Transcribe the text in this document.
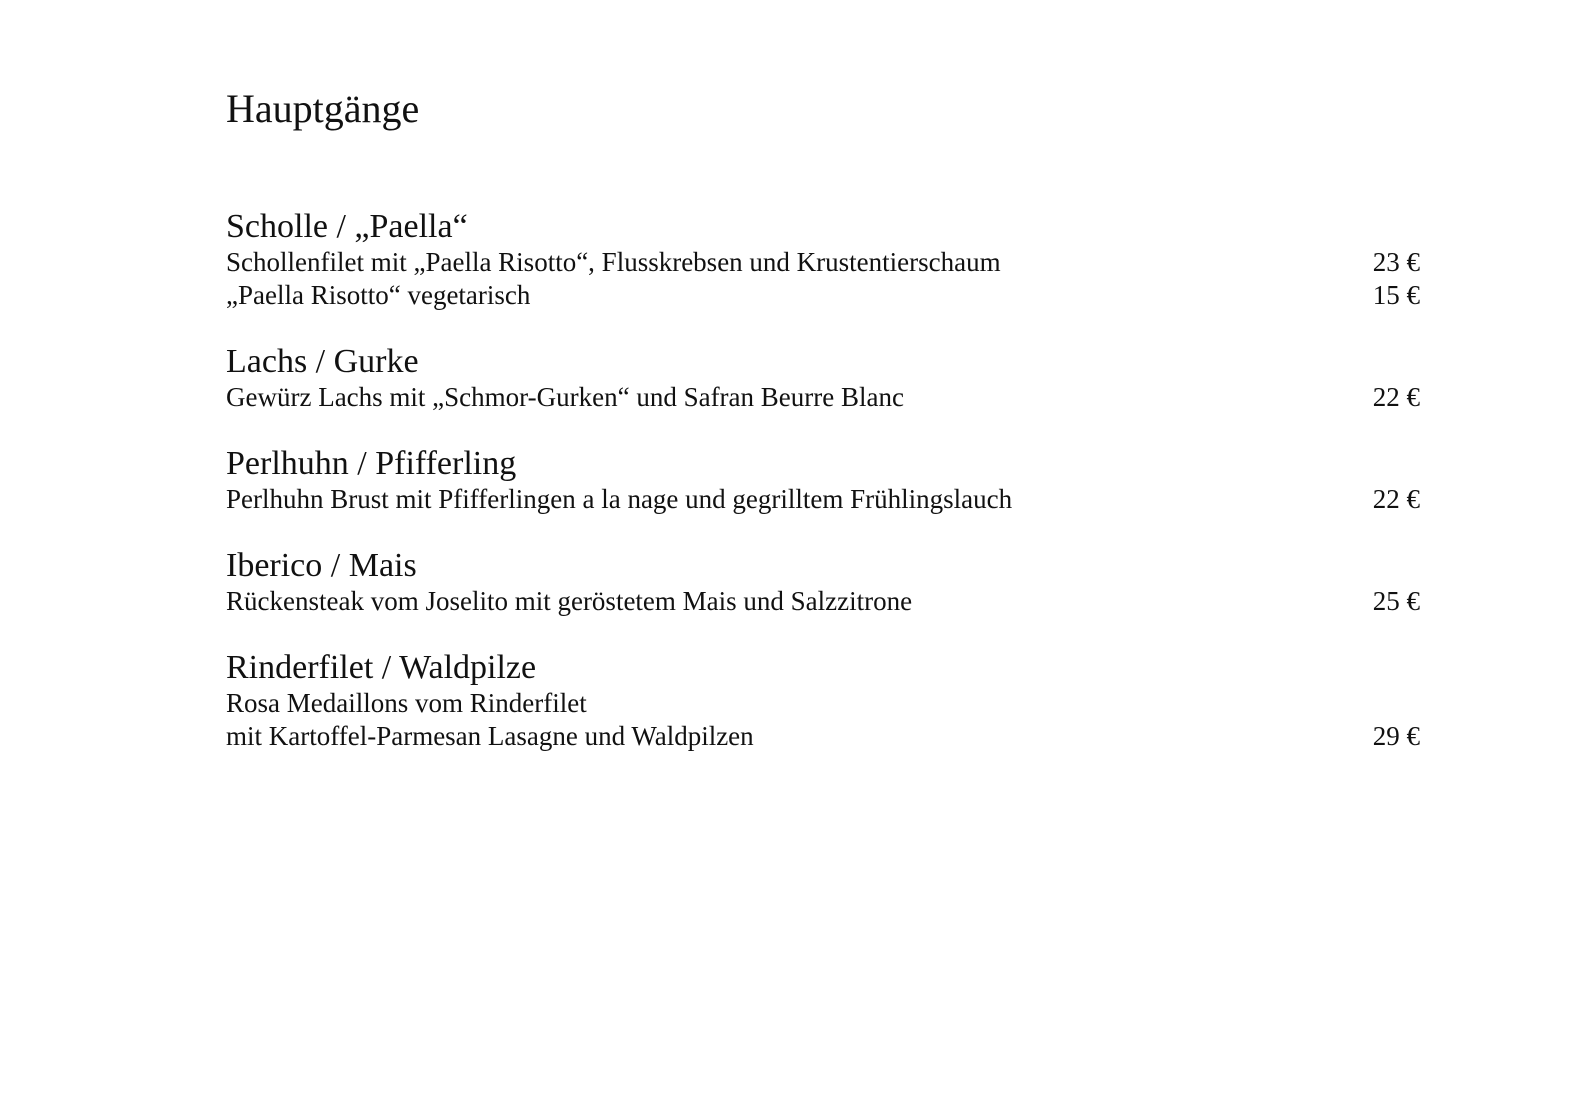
Hauptgänge
Scholle / „Paella“
Schollenfilet mit „Paella Risotto“, Flusskrebsen und Krustentierschaum	23 €
„Paella Risotto“ vegetarisch	15 €
Lachs / Gurke
Gewürz Lachs mit „Schmor-Gurken“ und Safran Beurre Blanc	22 €
Perlhuhn / Pfifferling
Perlhuhn Brust mit Pfifferlingen a la nage und gegrilltem Frühlingslauch	22 €
Iberico / Mais
Rückensteak vom Joselito mit geröstetem Mais und Salzzitrone	25 €
Rinderfilet / Waldpilze
Rosa Medaillons vom Rinderfilet
mit Kartoffel-Parmesan Lasagne und Waldpilzen	29 €
